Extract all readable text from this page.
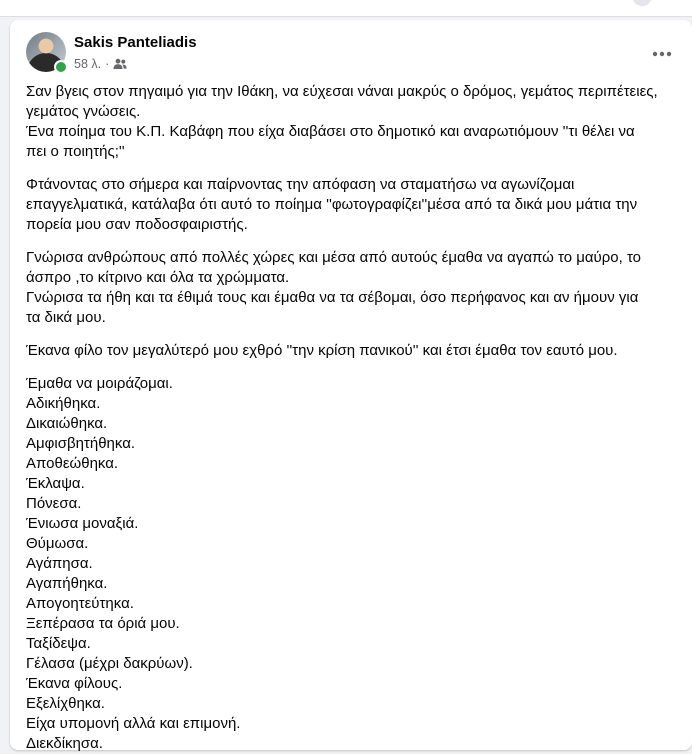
Sakis Panteliadis
58 λ. ·

Σαν βγεις στον πηγαιμό για την Ιθάκη, να εύχεσαι νάναι μακρύς ο δρόμος, γεμάτος περιπέτειες,
γεμάτος γνώσεις.
Ένα ποίημα του Κ.Π. Καβάφη που είχα διαβάσει στο δημοτικό και αναρωτιόμουν ''τι θέλει να
πει ο ποιητής;''

Φτάνοντας στο σήμερα και παίρνοντας την απόφαση να σταματήσω να αγωνίζομαι
επαγγελματικά, κατάλαβα ότι αυτό το ποίημα ''φωτογραφίζει''μέσα από τα δικά μου μάτια την
πορεία μου σαν ποδοσφαιριστής.

Γνώρισα ανθρώπους από πολλές χώρες και μέσα από αυτούς έμαθα να αγαπώ το μαύρο, το
άσπρο ,το κίτρινο και όλα τα χρώμματα.
Γνώρισα τα ήθη και τα έθιμά τους και έμαθα να τα σέβομαι, όσο περήφανος και αν ήμουν για
τα δικά μου.

Έκανα φίλο τον μεγαλύτερό μου εχθρό ''την κρίση πανικού'' και έτσι έμαθα τον εαυτό μου.

Έμαθα να μοιράζομαι.
Αδικήθηκα.
Δικαιώθηκα.
Αμφισβητήθηκα.
Αποθεώθηκα.
Έκλαψα.
Πόνεσα.
Ένιωσα μοναξιά.
Θύμωσα.
Αγάπησα.
Αγαπήθηκα.
Απογοητεύτηκα.
Ξεπέρασα τα όριά μου.
Ταξίδεψα.
Γέλασα (μέχρι δακρύων).
Έκανα φίλους.
Εξελίχθηκα.
Είχα υπομονή αλλά και επιμονή.
Διεκδίκησα.
